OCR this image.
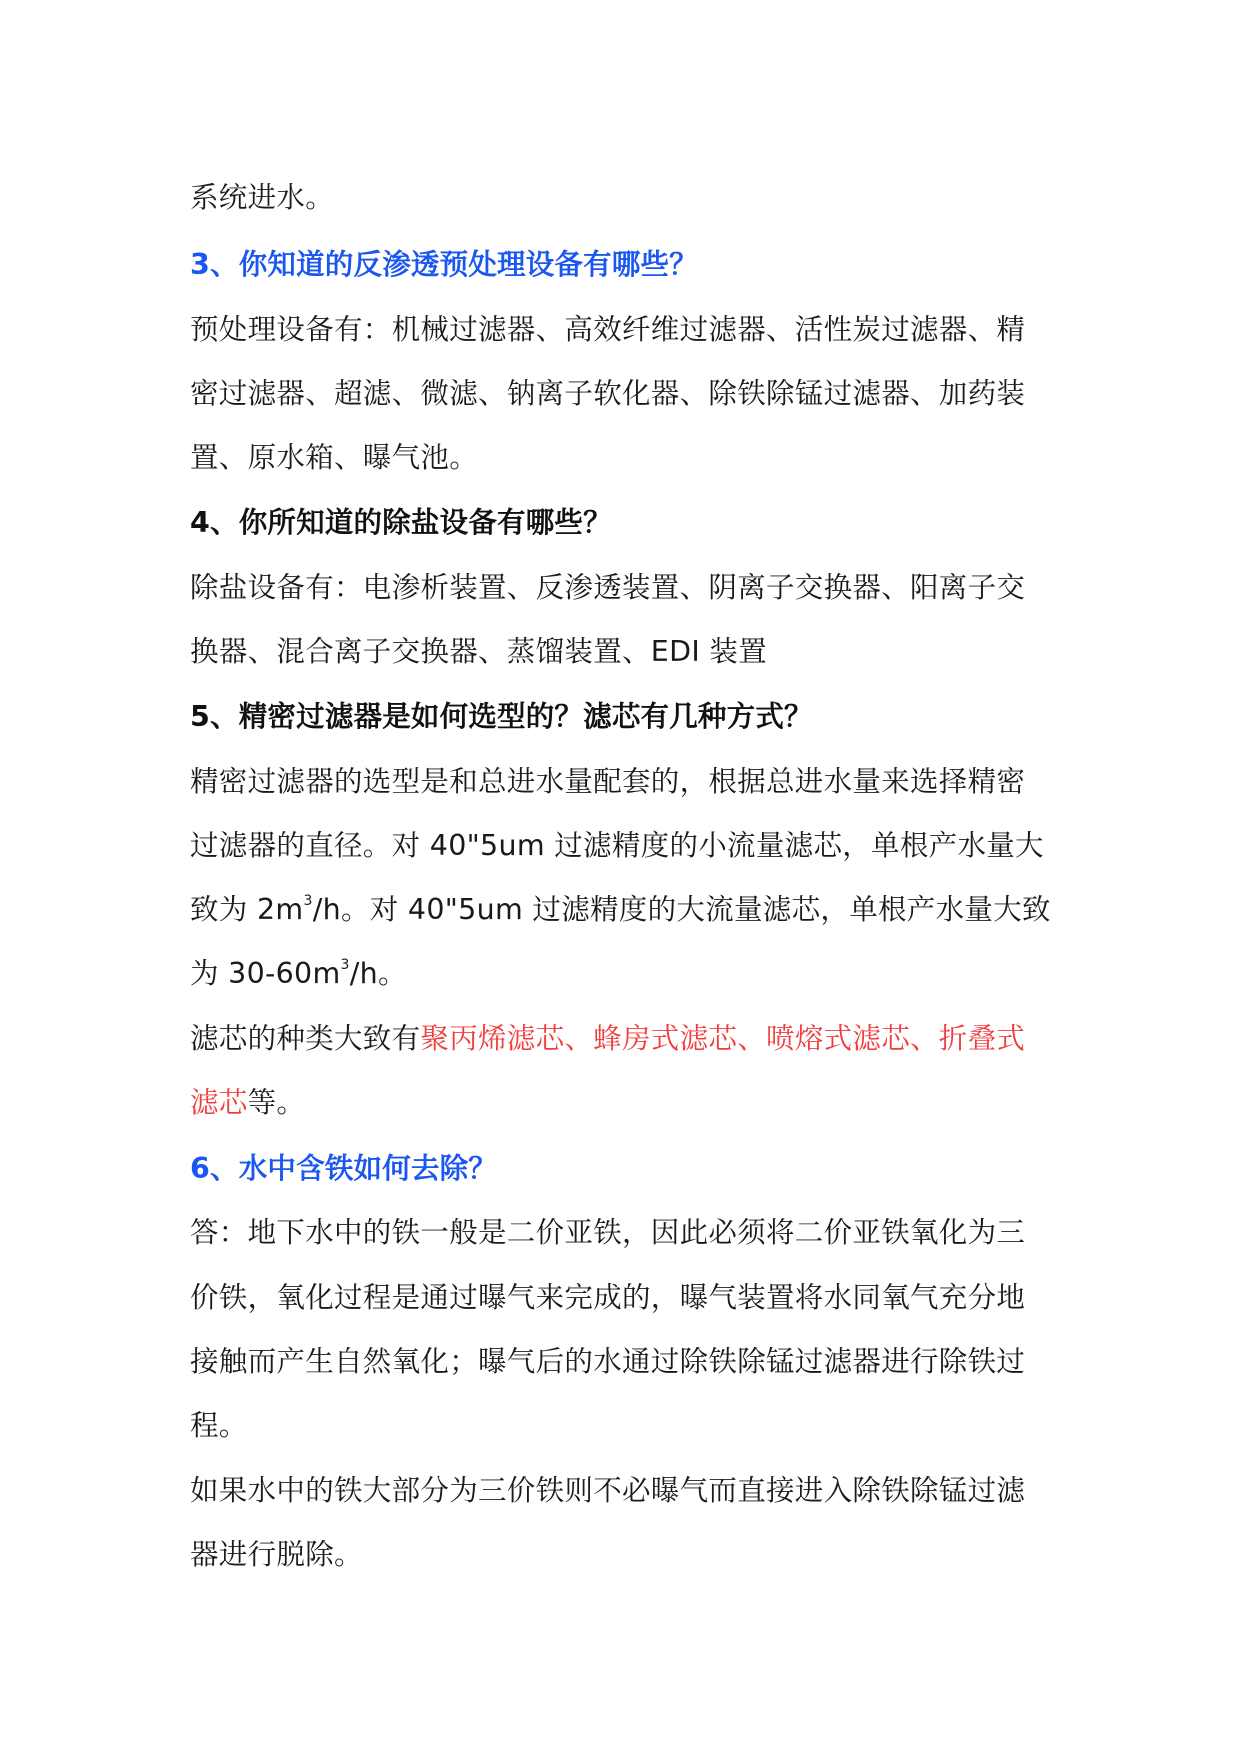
系统进水。
3、你知道的反渗透预处理设备有哪些？
预处理设备有：机械过滤器、高效纤维过滤器、活性炭过滤器、精
密过滤器、超滤、微滤、钠离子软化器、除铁除锰过滤器、加药装
置、原水箱、曝气池。
4、你所知道的除盐设备有哪些？
除盐设备有：电渗析装置、反渗透装置、阴离子交换器、阳离子交
换器、混合离子交换器、蒸馏装置、EDI 装置
5、精密过滤器是如何选型的？滤芯有几种方式？
精密过滤器的选型是和总进水量配套的，根据总进水量来选择精密
过滤器的直径。对 40"5um 过滤精度的小流量滤芯，单根产水量大
致为 $2m^3/h$。对 40"5um 过滤精度的大流量滤芯，单根产水量大致
为 $30-60m^3/h$。
滤芯的种类大致有聚丙烯滤芯、蜂房式滤芯、喷熔式滤芯、折叠式
滤芯等。
6、水中含铁如何去除？
答：地下水中的铁一般是二价亚铁，因此必须将二价亚铁氧化为三
价铁，氧化过程是通过曝气来完成的，曝气装置将水同氧气充分地
接触而产生自然氧化；曝气后的水通过除铁除锰过滤器进行除铁过
程。
如果水中的铁大部分为三价铁则不必曝气而直接进入除铁除锰过滤
器进行脱除。
